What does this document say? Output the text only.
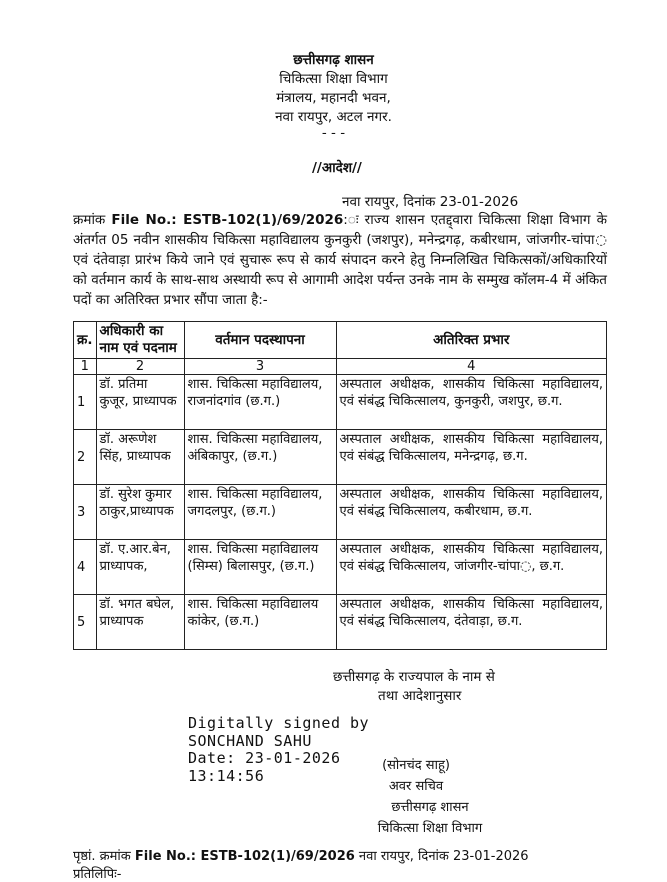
छत्तीसगढ़ शासन
चिकित्सा शिक्षा विभाग
मंत्रालय, महानदी भवन,
नवा रायपुर, अटल नगर.
- - -
//आदेश//
नवा रायपुर, दिनांक 23-01-2026
क्रमांक File No.: ESTB-102(1)/69/2026:ः राज्य शासन एतद्द्वारा चिकित्सा शिक्षा विभाग के अंतर्गत 05 नवीन शासकीय चिकित्सा महाविद्यालय कुनकुरी (जशपुर), मनेन्द्रगढ़, कबीरधाम, जांजगीर-चांपा◌ एवं दंतेवाड़ा प्रारंभ किये जाने एवं सुचारू रूप से कार्य संपादन करने हेतु निम्नलिखित चिकित्सकों/अधिकारियों को वर्तमान कार्य के साथ-साथ अस्थायी रूप से आगामी आदेश पर्यन्त उनके नाम के सम्मुख कॉलम-4 में अंकित पदों का अतिरिक्त प्रभार सौंपा जाता है:-
क्र.	अधिकारी का नाम एवं पदनाम	वर्तमान पदस्थापना	अतिरिक्त प्रभार
1	2	3	4
1	डॉ. प्रतिमा कुजूर, प्राध्यापक	शास. चिकित्सा महाविद्यालय, राजनांदगांव (छ.ग.)	अस्पताल अधीक्षक, शासकीय चिकित्सा महाविद्यालय, एवं संबंद्ध चिकित्सालय, कुनकुरी, जशपुर, छ.ग.
2	डॉ. अरूणेश सिंह, प्राध्यापक	शास. चिकित्सा महाविद्यालय, अंबिकापुर, (छ.ग.)	अस्पताल अधीक्षक, शासकीय चिकित्सा महाविद्यालय, एवं संबंद्ध चिकित्सालय, मनेन्द्रगढ़, छ.ग.
3	डॉ. सुरेश कुमार ठाकुर,प्राध्यापक	शास. चिकित्सा महाविद्यालय, जगदलपुर, (छ.ग.)	अस्पताल अधीक्षक, शासकीय चिकित्सा महाविद्यालय, एवं संबंद्ध चिकित्सालय, कबीरधाम, छ.ग.
4	डॉ. ए.आर.बेन, प्राध्यापक,	शास. चिकित्सा महाविद्यालय (सिम्स) बिलासपुर, (छ.ग.)	अस्पताल अधीक्षक, शासकीय चिकित्सा महाविद्यालय, एवं संबंद्ध चिकित्सालय, जांजगीर-चांपा◌, छ.ग.
5	डॉ. भगत बघेल, प्राध्यापक	शास. चिकित्सा महाविद्यालय कांकेर, (छ.ग.)	अस्पताल अधीक्षक, शासकीय चिकित्सा महाविद्यालय, एवं संबंद्ध चिकित्सालय, दंतेवाड़ा, छ.ग.
छत्तीसगढ़ के राज्यपाल के नाम से
तथा आदेशानुसार
Digitally signed by
SONCHAND SAHU
Date: 23-01-2026
13:14:56
(सोनचंद साहू)
अवर सचिव
छत्तीसगढ़ शासन
चिकित्सा शिक्षा विभाग
पृष्ठां. क्रमांक File No.: ESTB-102(1)/69/2026 नवा रायपुर, दिनांक 23-01-2026
प्रतिलिपिः-
